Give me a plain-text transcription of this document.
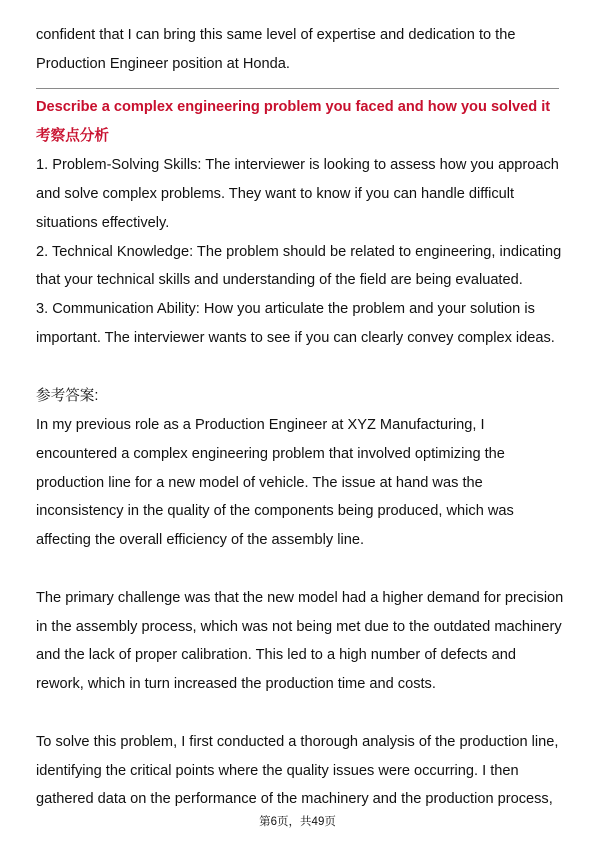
confident that I can bring this same level of expertise and dedication to the
Production Engineer position at Honda.
Describe a complex engineering problem you faced and how you solved it
考察点分析
1. Problem-Solving Skills: The interviewer is looking to assess how you approach
and solve complex problems. They want to know if you can handle difficult
situations effectively.
2. Technical Knowledge: The problem should be related to engineering, indicating
that your technical skills and understanding of the field are being evaluated.
3. Communication Ability: How you articulate the problem and your solution is
important. The interviewer wants to see if you can clearly convey complex ideas.
参考答案:
In my previous role as a Production Engineer at XYZ Manufacturing, I
encountered a complex engineering problem that involved optimizing the
production line for a new model of vehicle. The issue at hand was the
inconsistency in the quality of the components being produced, which was
affecting the overall efficiency of the assembly line.
The primary challenge was that the new model had a higher demand for precision
in the assembly process, which was not being met due to the outdated machinery
and the lack of proper calibration. This led to a high number of defects and
rework, which in turn increased the production time and costs.
To solve this problem, I first conducted a thorough analysis of the production line,
identifying the critical points where the quality issues were occurring. I then
gathered data on the performance of the machinery and the production process,
第6页，共49页
